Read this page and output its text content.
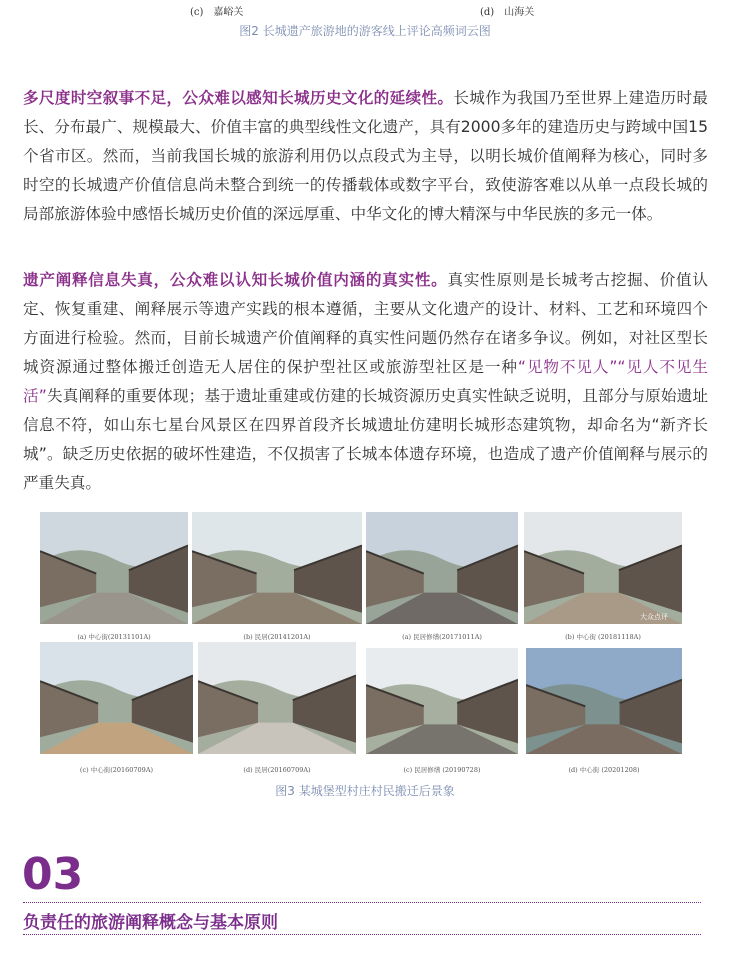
(c)　嘉峪关	(d)　山海关
图2 长城遗产旅游地的游客线上评论高频词云图
多尺度时空叙事不足，公众难以感知长城历史文化的延续性。长城作为我国乃至世界上建造历时最长、分布最广、规模最大、价值丰富的典型线性文化遗产，具有2000多年的建造历史与跨域中国15个省市区。然而，当前我国长城的旅游利用仍以点段式为主导，以明长城价值阐释为核心，同时多时空的长城遗产价值信息尚未整合到统一的传播载体或数字平台，致使游客难以从单一点段长城的局部旅游体验中感悟长城历史价值的深远厚重、中华文化的博大精深与中华民族的多元一体。
遗产阐释信息失真，公众难以认知长城价值内涵的真实性。真实性原则是长城考古挖掘、价值认定、恢复重建、阐释展示等遗产实践的根本遵循，主要从文化遗产的设计、材料、工艺和环境四个方面进行检验。然而，目前长城遗产价值阐释的真实性问题仍然存在诸多争议。例如，对社区型长城资源通过整体搬迁创造无人居住的保护型社区或旅游型社区是一种“见物不见人”“见人不见生活”失真阐释的重要体现；基于遗址重建或仿建的长城资源历史真实性缺乏说明，且部分与原始遗址信息不符，如山东七星台风景区在四界首段齐长城遗址仿建明长城形态建筑物，却命名为“新齐长城”。缺乏历史依据的破坏性建造，不仅损害了长城本体遗存环境，也造成了遗产价值阐释与展示的严重失真。
(a) 中心街(20131101A)	(b) 民居(20141201A)	(a) 民居修缮(20171011A)	(b) 中心街 (20181118A)
(c) 中心街(20160709A)	(d) 民居(20160709A)	(c) 民居修缮 (20190728)	(d) 中心街 (20201208)
大众点评
图3 某城堡型村庄村民搬迁后景象
03
负责任的旅游阐释概念与基本原则
